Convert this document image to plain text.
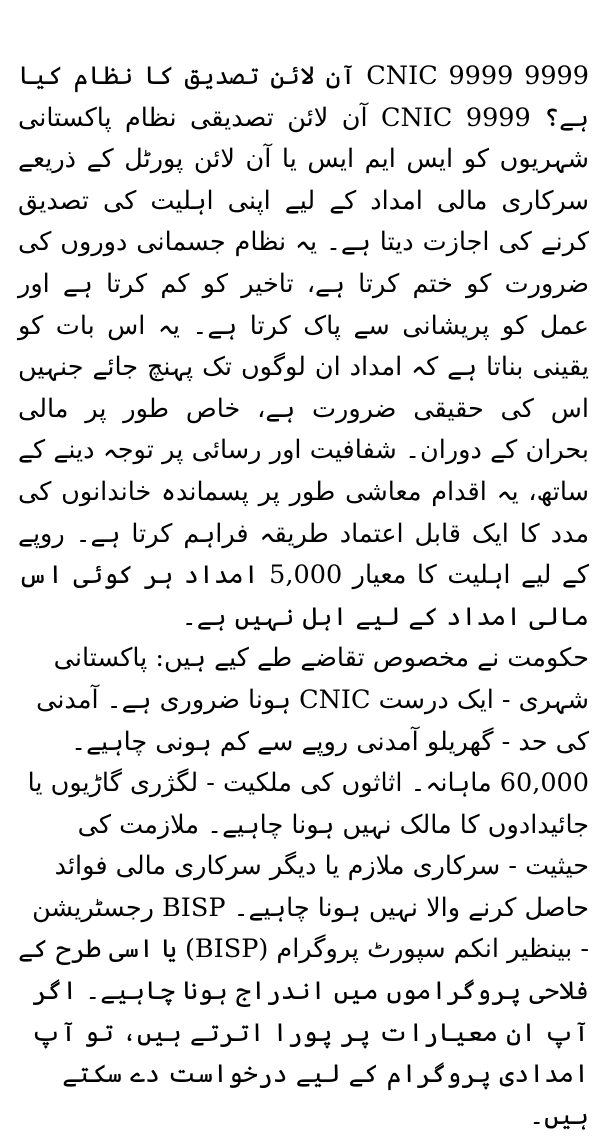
9999 CNIC 9999 آن لائن تصدیق کا نظام کیا ہے؟ 9999 CNIC آن لائن تصدیقی نظام پاکستانی شہریوں کو ایس ایم ایس یا آن لائن پورٹل کے ذریعے سرکاری مالی امداد کے لیے اپنی اہلیت کی تصدیق کرنے کی اجازت دیتا ہے۔ یہ نظام جسمانی دوروں کی ضرورت کو ختم کرتا ہے، تاخیر کو کم کرتا ہے اور عمل کو پریشانی سے پاک کرتا ہے۔ یہ اس بات کو یقینی بناتا ہے کہ امداد ان لوگوں تک پہنچ جائے جنہیں اس کی حقیقی ضرورت ہے، خاص طور پر مالی بحران کے دوران۔ شفافیت اور رسائی پر توجہ دینے کے ساتھ، یہ اقدام معاشی طور پر پسماندہ خاندانوں کی مدد کا ایک قابل اعتماد طریقہ فراہم کرتا ہے۔ روپے کے لیے اہلیت کا معیار 5,000 امداد ہر کوئی اس مالی امداد کے لیے اہل نہیں ہے۔

حکومت نے مخصوص تقاضے طے کیے ہیں: پاکستانی شہری - ایک درست CNIC ہونا ضروری ہے۔ آمدنی کی حد - گھریلو آمدنی روپے سے کم ہونی چاہیے۔ 60,000 ماہانہ۔ اثاثوں کی ملکیت - لگژری گاڑیوں یا جائیدادوں کا مالک نہیں ہونا چاہیے۔ ملازمت کی حیثیت - سرکاری ملازم یا دیگر سرکاری مالی فوائد حاصل کرنے والا نہیں ہونا چاہیے۔ BISP رجسٹریشن - بینظیر انکم سپورٹ پروگرام (BISP) یا اسی طرح کے فلاحی پروگراموں میں اندراج ہونا چاہیے۔ اگر آپ ان معیارات پر پورا اترتے ہیں، تو آپ امدادی پروگرام کے لیے درخواست دے سکتے ہیں۔
